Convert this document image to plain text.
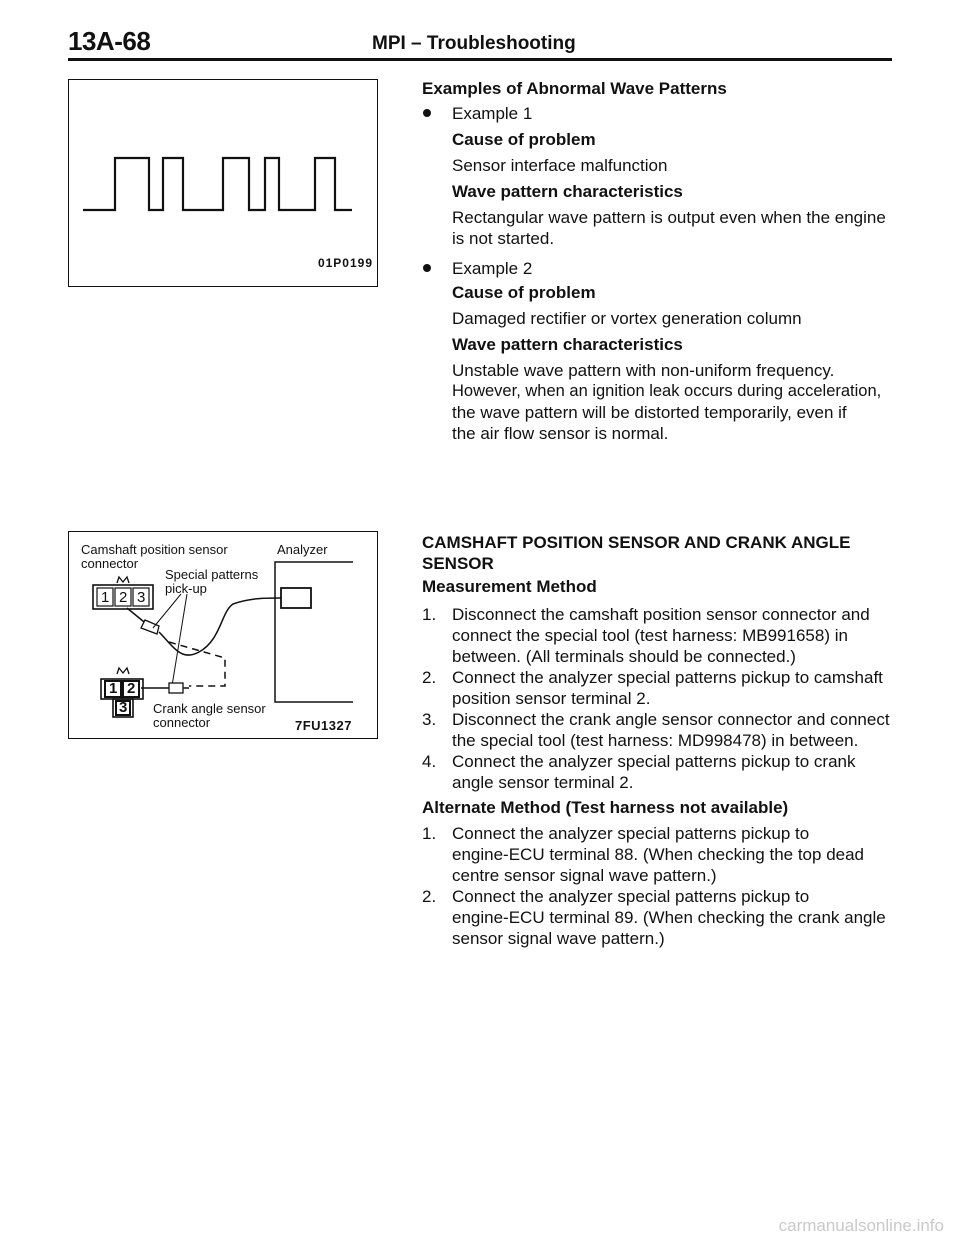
13A-68	MPI – Troubleshooting
01P0199
Examples of Abnormal Wave Patterns
Example 1
Cause of problem
Sensor interface malfunction
Wave pattern characteristics
Rectangular wave pattern is output even when the engine
is not started.
Example 2
Cause of problem
Damaged rectifier or vortex generation column
Wave pattern characteristics
Unstable wave pattern with non-uniform frequency.
However, when an ignition leak occurs during acceleration,
the wave pattern will be distorted temporarily, even if
the air flow sensor is normal.
Camshaft position sensor
connector
Analyzer
Special patterns
pick-up
1 2 3
1 2
3 Crank angle sensor
connector	7FU1327
CAMSHAFT POSITION SENSOR AND CRANK ANGLE
SENSOR
Measurement Method
1. Disconnect the camshaft position sensor connector and
connect the special tool (test harness: MB991658) in
between. (All terminals should be connected.)
2. Connect the analyzer special patterns pickup to camshaft
position sensor terminal 2.
3. Disconnect the crank angle sensor connector and connect
the special tool (test harness: MD998478) in between.
4. Connect the analyzer special patterns pickup to crank
angle sensor terminal 2.
Alternate Method (Test harness not available)
1. Connect the analyzer special patterns pickup to
engine-ECU terminal 88. (When checking the top dead
centre sensor signal wave pattern.)
2. Connect the analyzer special patterns pickup to
engine-ECU terminal 89. (When checking the crank angle
sensor signal wave pattern.)
carmanualsonline.info
